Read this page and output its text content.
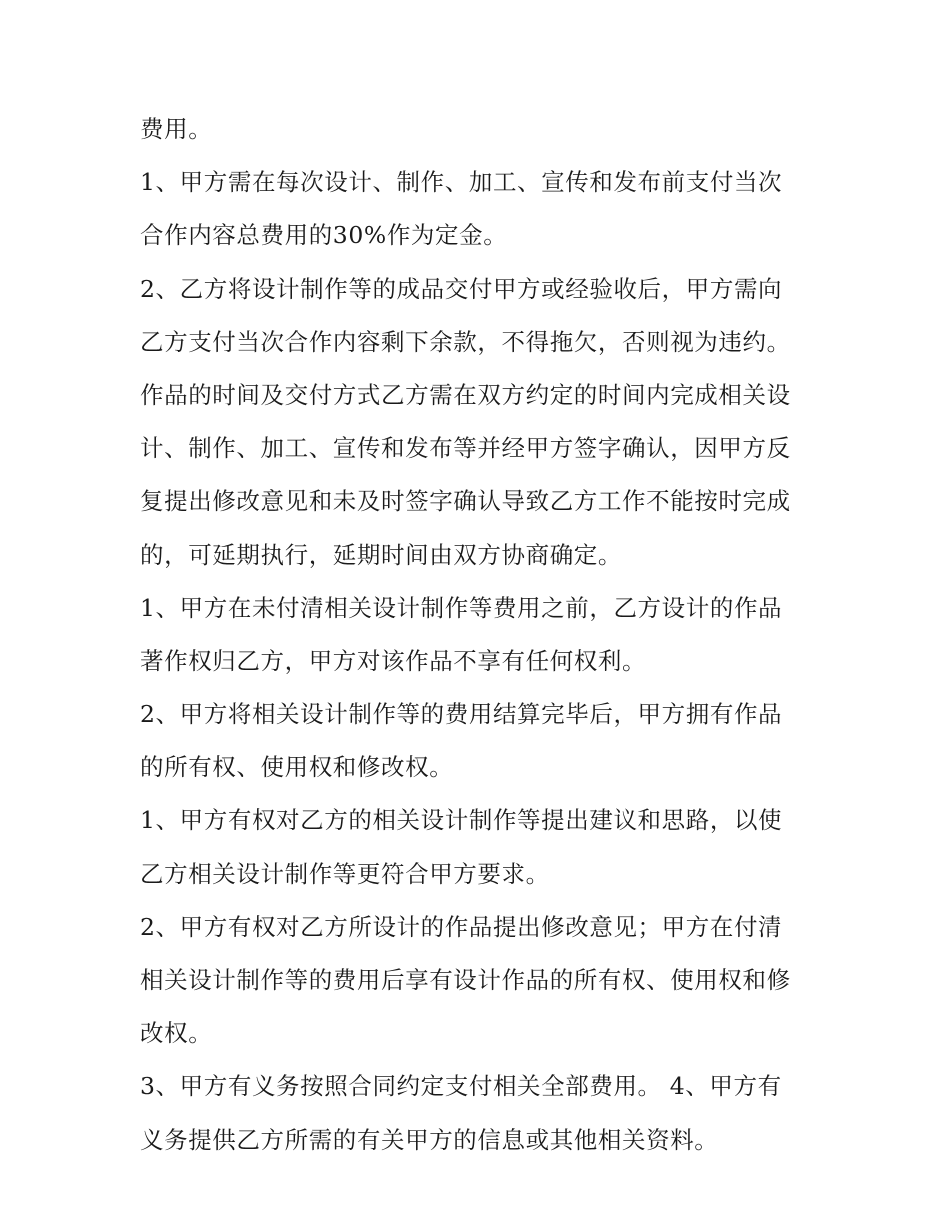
费用。

1、甲方需在每次设计、制作、加工、宣传和发布前支付当次
合作内容总费用的30%作为定金。

2、乙方将设计制作等的成品交付甲方或经验收后，甲方需向
乙方支付当次合作内容剩下余款，不得拖欠，否则视为违约。

作品的时间及交付方式乙方需在双方约定的时间内完成相关设
计、制作、加工、宣传和发布等并经甲方签字确认，因甲方反
复提出修改意见和未及时签字确认导致乙方工作不能按时完成
的，可延期执行，延期时间由双方协商确定。

1、甲方在未付清相关设计制作等费用之前，乙方设计的作品
著作权归乙方，甲方对该作品不享有任何权利。

2、甲方将相关设计制作等的费用结算完毕后，甲方拥有作品
的所有权、使用权和修改权。

1、甲方有权对乙方的相关设计制作等提出建议和思路，以使
乙方相关设计制作等更符合甲方要求。

2、甲方有权对乙方所设计的作品提出修改意见；甲方在付清
相关设计制作等的费用后享有设计作品的所有权、使用权和修
改权。

3、甲方有义务按照合同约定支付相关全部费用。 4、甲方有
义务提供乙方所需的有关甲方的信息或其他相关资料。
